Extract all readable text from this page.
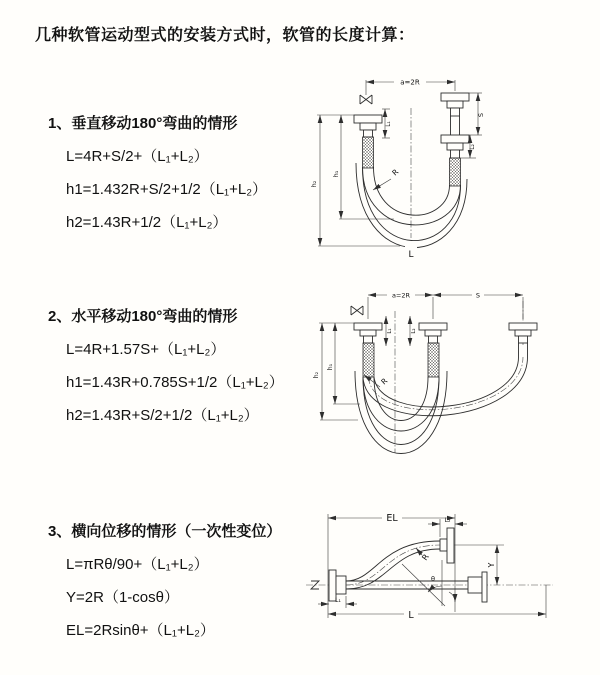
几种软管运动型式的安装方式时，软管的长度计算：
1、垂直移动180°弯曲的情形
L=4R+S/2+（L₁+L₂）
h1=1.432R+S/2+1/2（L₁+L₂）
h2=1.43R+1/2（L₁+L₂）
2、水平移动180°弯曲的情形
L=4R+1.57S+（L₁+L₂）
h1=1.43R+0.785S+1/2（L₁+L₂）
h2=1.43R+S/2+1/2（L₁+L₂）
3、横向位移的情形（一次性变位）
L=πRθ/90+（L₁+L₂）
Y=2R（1-cosθ）
EL=2Rsinθ+（L₁+L₂）
a=2R
h₂
h₁
L₁
S
L₂
R
L
a=2R	S
h₂
h₁
L₁	L₂
R
EL	L₂
Y
R
θ
L₁
L
